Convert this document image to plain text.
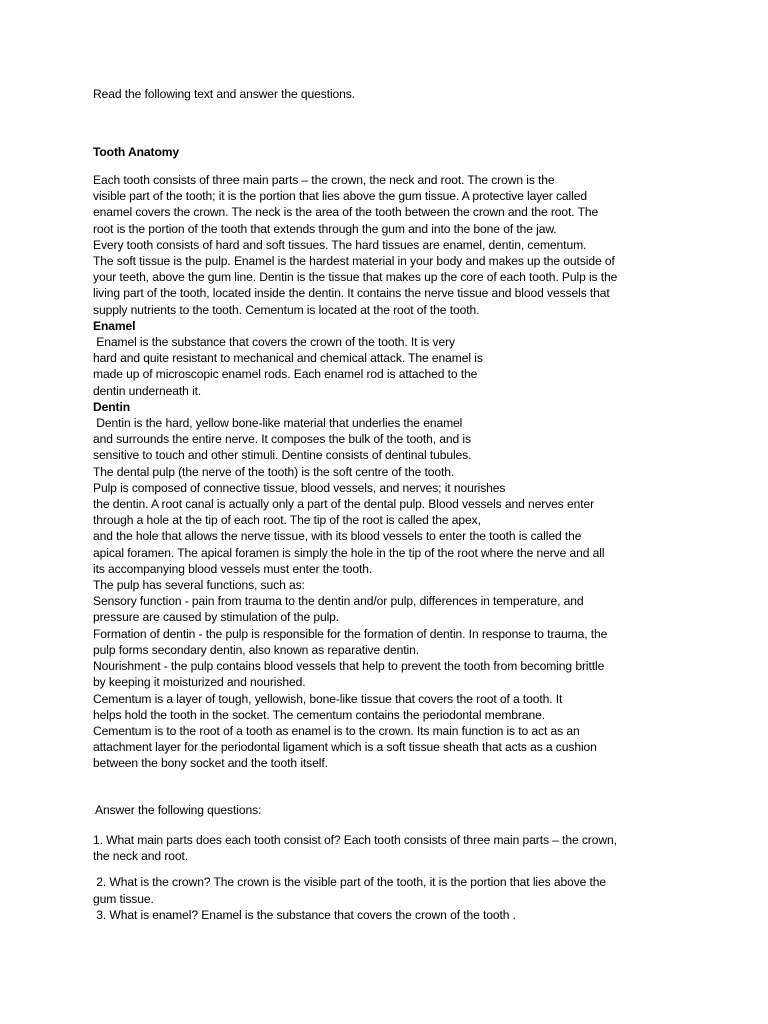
Read the following text and answer the questions.
Tooth Anatomy
Each tooth consists of three main parts – the crown, the neck and root. The crown is the
visible part of the tooth; it is the portion that lies above the gum tissue. A protective layer called
enamel covers the crown. The neck is the area of the tooth between the crown and the root. The
root is the portion of the tooth that extends through the gum and into the bone of the jaw.
Every tooth consists of hard and soft tissues. The hard tissues are enamel, dentin, cementum.
The soft tissue is the pulp. Enamel is the hardest material in your body and makes up the outside of
your teeth, above the gum line. Dentin is the tissue that makes up the core of each tooth. Pulp is the
living part of the tooth, located inside the dentin. It contains the nerve tissue and blood vessels that
supply nutrients to the tooth. Cementum is located at the root of the tooth.
Enamel
Enamel is the substance that covers the crown of the tooth. It is very
hard and quite resistant to mechanical and chemical attack. The enamel is
made up of microscopic enamel rods. Each enamel rod is attached to the
dentin underneath it.
Dentin
Dentin is the hard, yellow bone-like material that underlies the enamel
and surrounds the entire nerve. It composes the bulk of the tooth, and is
sensitive to touch and other stimuli. Dentine consists of dentinal tubules.
The dental pulp (the nerve of the tooth) is the soft centre of the tooth.
Pulp is composed of connective tissue, blood vessels, and nerves; it nourishes
the dentin. A root canal is actually only a part of the dental pulp. Blood vessels and nerves enter
through a hole at the tip of each root. The tip of the root is called the apex,
and the hole that allows the nerve tissue, with its blood vessels to enter the tooth is called the
apical foramen. The apical foramen is simply the hole in the tip of the root where the nerve and all
its accompanying blood vessels must enter the tooth.
The pulp has several functions, such as:
Sensory function - pain from trauma to the dentin and/or pulp, differences in temperature, and
pressure are caused by stimulation of the pulp.
Formation of dentin - the pulp is responsible for the formation of dentin. In response to trauma, the
pulp forms secondary dentin, also known as reparative dentin.
Nourishment - the pulp contains blood vessels that help to prevent the tooth from becoming brittle
by keeping it moisturized and nourished.
Cementum is a layer of tough, yellowish, bone-like tissue that covers the root of a tooth. It
helps hold the tooth in the socket. The cementum contains the periodontal membrane.
Cementum is to the root of a tooth as enamel is to the crown. Its main function is to act as an
attachment layer for the periodontal ligament which is a soft tissue sheath that acts as a cushion
between the bony socket and the tooth itself.
Answer the following questions:
1. What main parts does each tooth consist of? Each tooth consists of three main parts – the crown,
the neck and root.
2. What is the crown? The crown is the visible part of the tooth, it is the portion that lies above the
gum tissue.
3. What is enamel? Enamel is the substance that covers the crown of the tooth .
